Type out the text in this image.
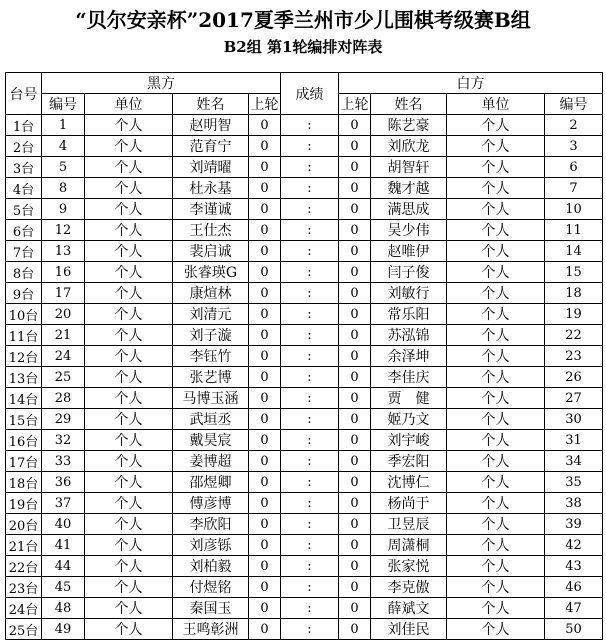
“贝尔安亲杯”2017夏季兰州市少儿围棋考级赛B组
B2组 第1轮编排对阵表
台号	黑方				成绩	白方			
	编号	单位	姓名	上轮		上轮	姓名	单位	编号
1台	1	个人	赵明智	0	:	0	陈艺豪	个人	2
2台	4	个人	范育宁	0	:	0	刘欣龙	个人	3
3台	5	个人	刘靖曜	0	:	0	胡智轩	个人	6
4台	8	个人	杜永基	0	:	0	魏才越	个人	7
5台	9	个人	李谨诚	0	:	0	满思成	个人	10
6台	12	个人	王仕杰	0	:	0	吴少伟	个人	11
7台	13	个人	裴启诚	0	:	0	赵唯伊	个人	14
8台	16	个人	张睿瑛G	0	:	0	闫子俊	个人	15
9台	17	个人	康煊林	0	:	0	刘敏行	个人	18
10台	20	个人	刘清元	0	:	0	常乐阳	个人	19
11台	21	个人	刘子漩	0	:	0	苏泓锦	个人	22
12台	24	个人	李钰竹	0	:	0	余泽坤	个人	23
13台	25	个人	张艺博	0	:	0	李佳庆	个人	26
14台	28	个人	马博玉涵	0	:	0	贾　健	个人	27
15台	29	个人	武垣丞	0	:	0	姬乃文	个人	30
16台	32	个人	戴昊宸	0	:	0	刘宇峻	个人	31
17台	33	个人	姜博超	0	:	0	季宏阳	个人	34
18台	36	个人	邵煜卿	0	:	0	沈博仁	个人	35
19台	37	个人	傅彦博	0	:	0	杨尚于	个人	38
20台	40	个人	李欣阳	0	:	0	卫昱辰	个人	39
21台	41	个人	刘彦铄	0	:	0	周潇桐	个人	42
22台	44	个人	刘柏毅	0	:	0	张家悦	个人	43
23台	45	个人	付煜铭	0	:	0	李克傲	个人	46
24台	48	个人	秦国玉	0	:	0	薛斌文	个人	47
25台	49	个人	王鸣彰洲	0	:	0	刘佳民	个人	50
